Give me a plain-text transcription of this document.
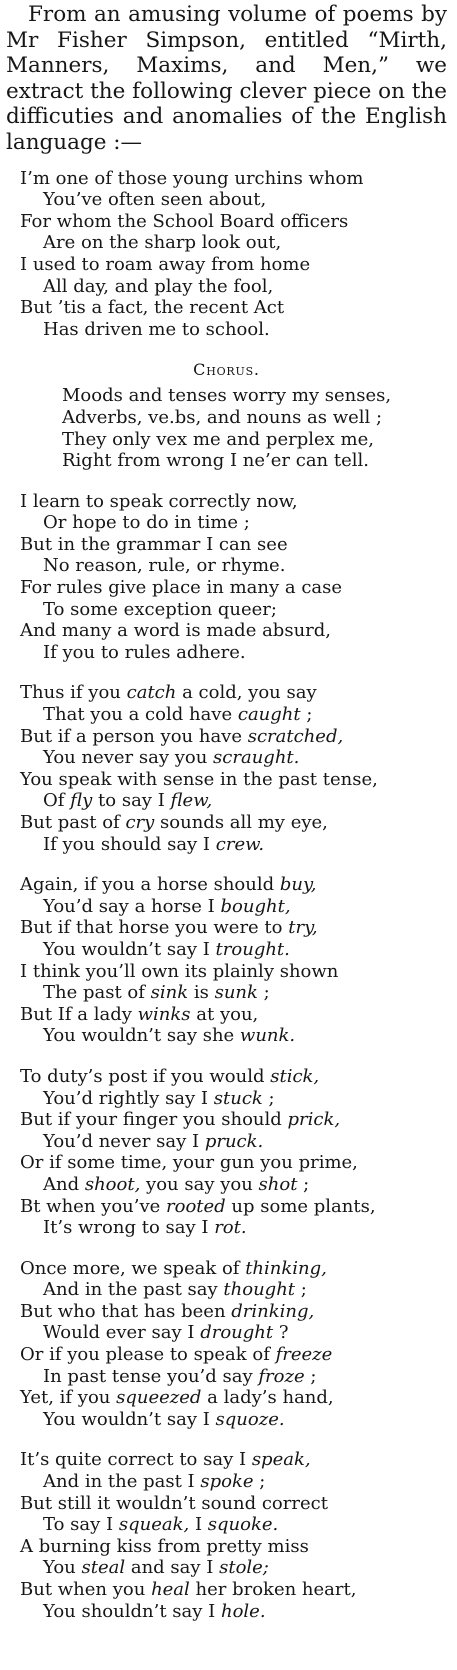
From an amusing volume of poems by Mr Fisher Simpson, entitled “Mirth, Manners, Maxims, and Men,” we extract the following clever piece on the difficuties and anomalies of the English language :—

I’m one of those young urchins whom
You’ve often seen about,
For whom the School Board officers
Are on the sharp look out,
I used to roam away from home
All day, and play the fool,
But ’tis a fact, the recent Act
Has driven me to school.
Chorus.
Moods and tenses worry my senses,
Adverbs, ve.bs, and nouns as well ;
They only vex me and perplex me,
Right from wrong I ne’er can tell.
I learn to speak correctly now,
Or hope to do in time ;
But in the grammar I can see
No reason, rule, or rhyme.
For rules give place in many a case
To some exception queer;
And many a word is made absurd,
If you to rules adhere.
Thus if you catch a cold, you say
That you a cold have caught ;
But if a person you have scratched,
You never say you scraught.
You speak with sense in the past tense,
Of fly to say I flew,
But past of cry sounds all my eye,
If you should say I crew.
Again, if you a horse should buy,
You’d say a horse I bought,
But if that horse you were to try,
You wouldn’t say I trought.
I think you’ll own its plainly shown
The past of sink is sunk ;
But If a lady winks at you,
You wouldn’t say she wunk.
To duty’s post if you would stick,
You’d rightly say I stuck ;
But if your finger you should prick,
You’d never say I pruck.
Or if some time, your gun you prime,
And shoot, you say you shot ;
Bt when you’ve rooted up some plants,
It’s wrong to say I rot.
Once more, we speak of thinking,
And in the past say thought ;
But who that has been drinking,
Would ever say I drought ?
Or if you please to speak of freeze
In past tense you’d say froze ;
Yet, if you squeezed a lady’s hand,
You wouldn’t say I squoze.
It’s quite correct to say I speak,
And in the past I spoke ;
But still it wouldn’t sound correct
To say I squeak, I squoke.
A burning kiss from pretty miss
You steal and say I stole;
But when you heal her broken heart,
You shouldn’t say I hole.
